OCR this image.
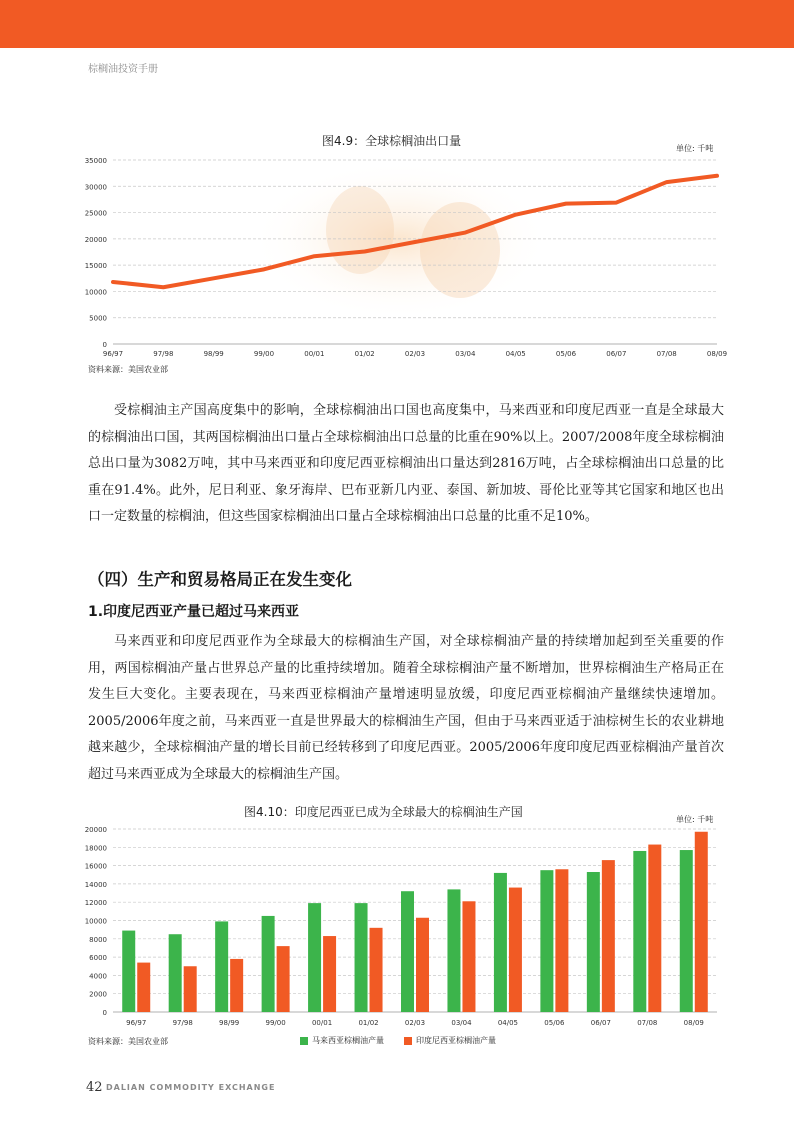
棕榈油投资手册
图4.9：全球棕榈油出口量
单位: 千吨
0
5000
10000
15000
20000
25000
30000
35000
96/97	97/98	98/99	99/00	00/01	01/02	02/03	03/04	04/05	05/06	06/07	07/08	08/09
资料来源：美国农业部

受棕榈油主产国高度集中的影响，全球棕榈油出口国也高度集中，马来西亚和印度尼西亚一直是全球最大的棕榈油出口国，其两国棕榈油出口量占全球棕榈油出口总量的比重在90%以上。2007/2008年度全球棕榈油总出口量为3082万吨，其中马来西亚和印度尼西亚棕榈油出口量达到2816万吨，占全球棕榈油出口总量的比重在91.4%。此外，尼日利亚、象牙海岸、巴布亚新几内亚、泰国、新加坡、哥伦比亚等其它国家和地区也出口一定数量的棕榈油，但这些国家棕榈油出口量占全球棕榈油出口总量的比重不足10%。

（四）生产和贸易格局正在发生变化
1.印度尼西亚产量已超过马来西亚

马来西亚和印度尼西亚作为全球最大的棕榈油生产国，对全球棕榈油产量的持续增加起到至关重要的作用，两国棕榈油产量占世界总产量的比重持续增加。随着全球棕榈油产量不断增加，世界棕榈油生产格局正在发生巨大变化。主要表现在，马来西亚棕榈油产量增速明显放缓，印度尼西亚棕榈油产量继续快速增加。2005/2006年度之前，马来西亚一直是世界最大的棕榈油生产国，但由于马来西亚适于油棕树生长的农业耕地越来越少，全球棕榈油产量的增长目前已经转移到了印度尼西亚。2005/2006年度印度尼西亚棕榈油产量首次超过马来西亚成为全球最大的棕榈油生产国。

图4.10：印度尼西亚已成为全球最大的棕榈油生产国
单位: 千吨
0
2000
4000
6000
8000
10000
12000
14000
16000
18000
20000
96/97	97/98	98/99	99/00	00/01	01/02	02/03	03/04	04/05	05/06	06/07	07/08	08/09
资料来源：美国农业部	马来西亚棕榈油产量	印度尼西亚棕榈油产量
42 DALIAN COMMODITY EXCHANGE
